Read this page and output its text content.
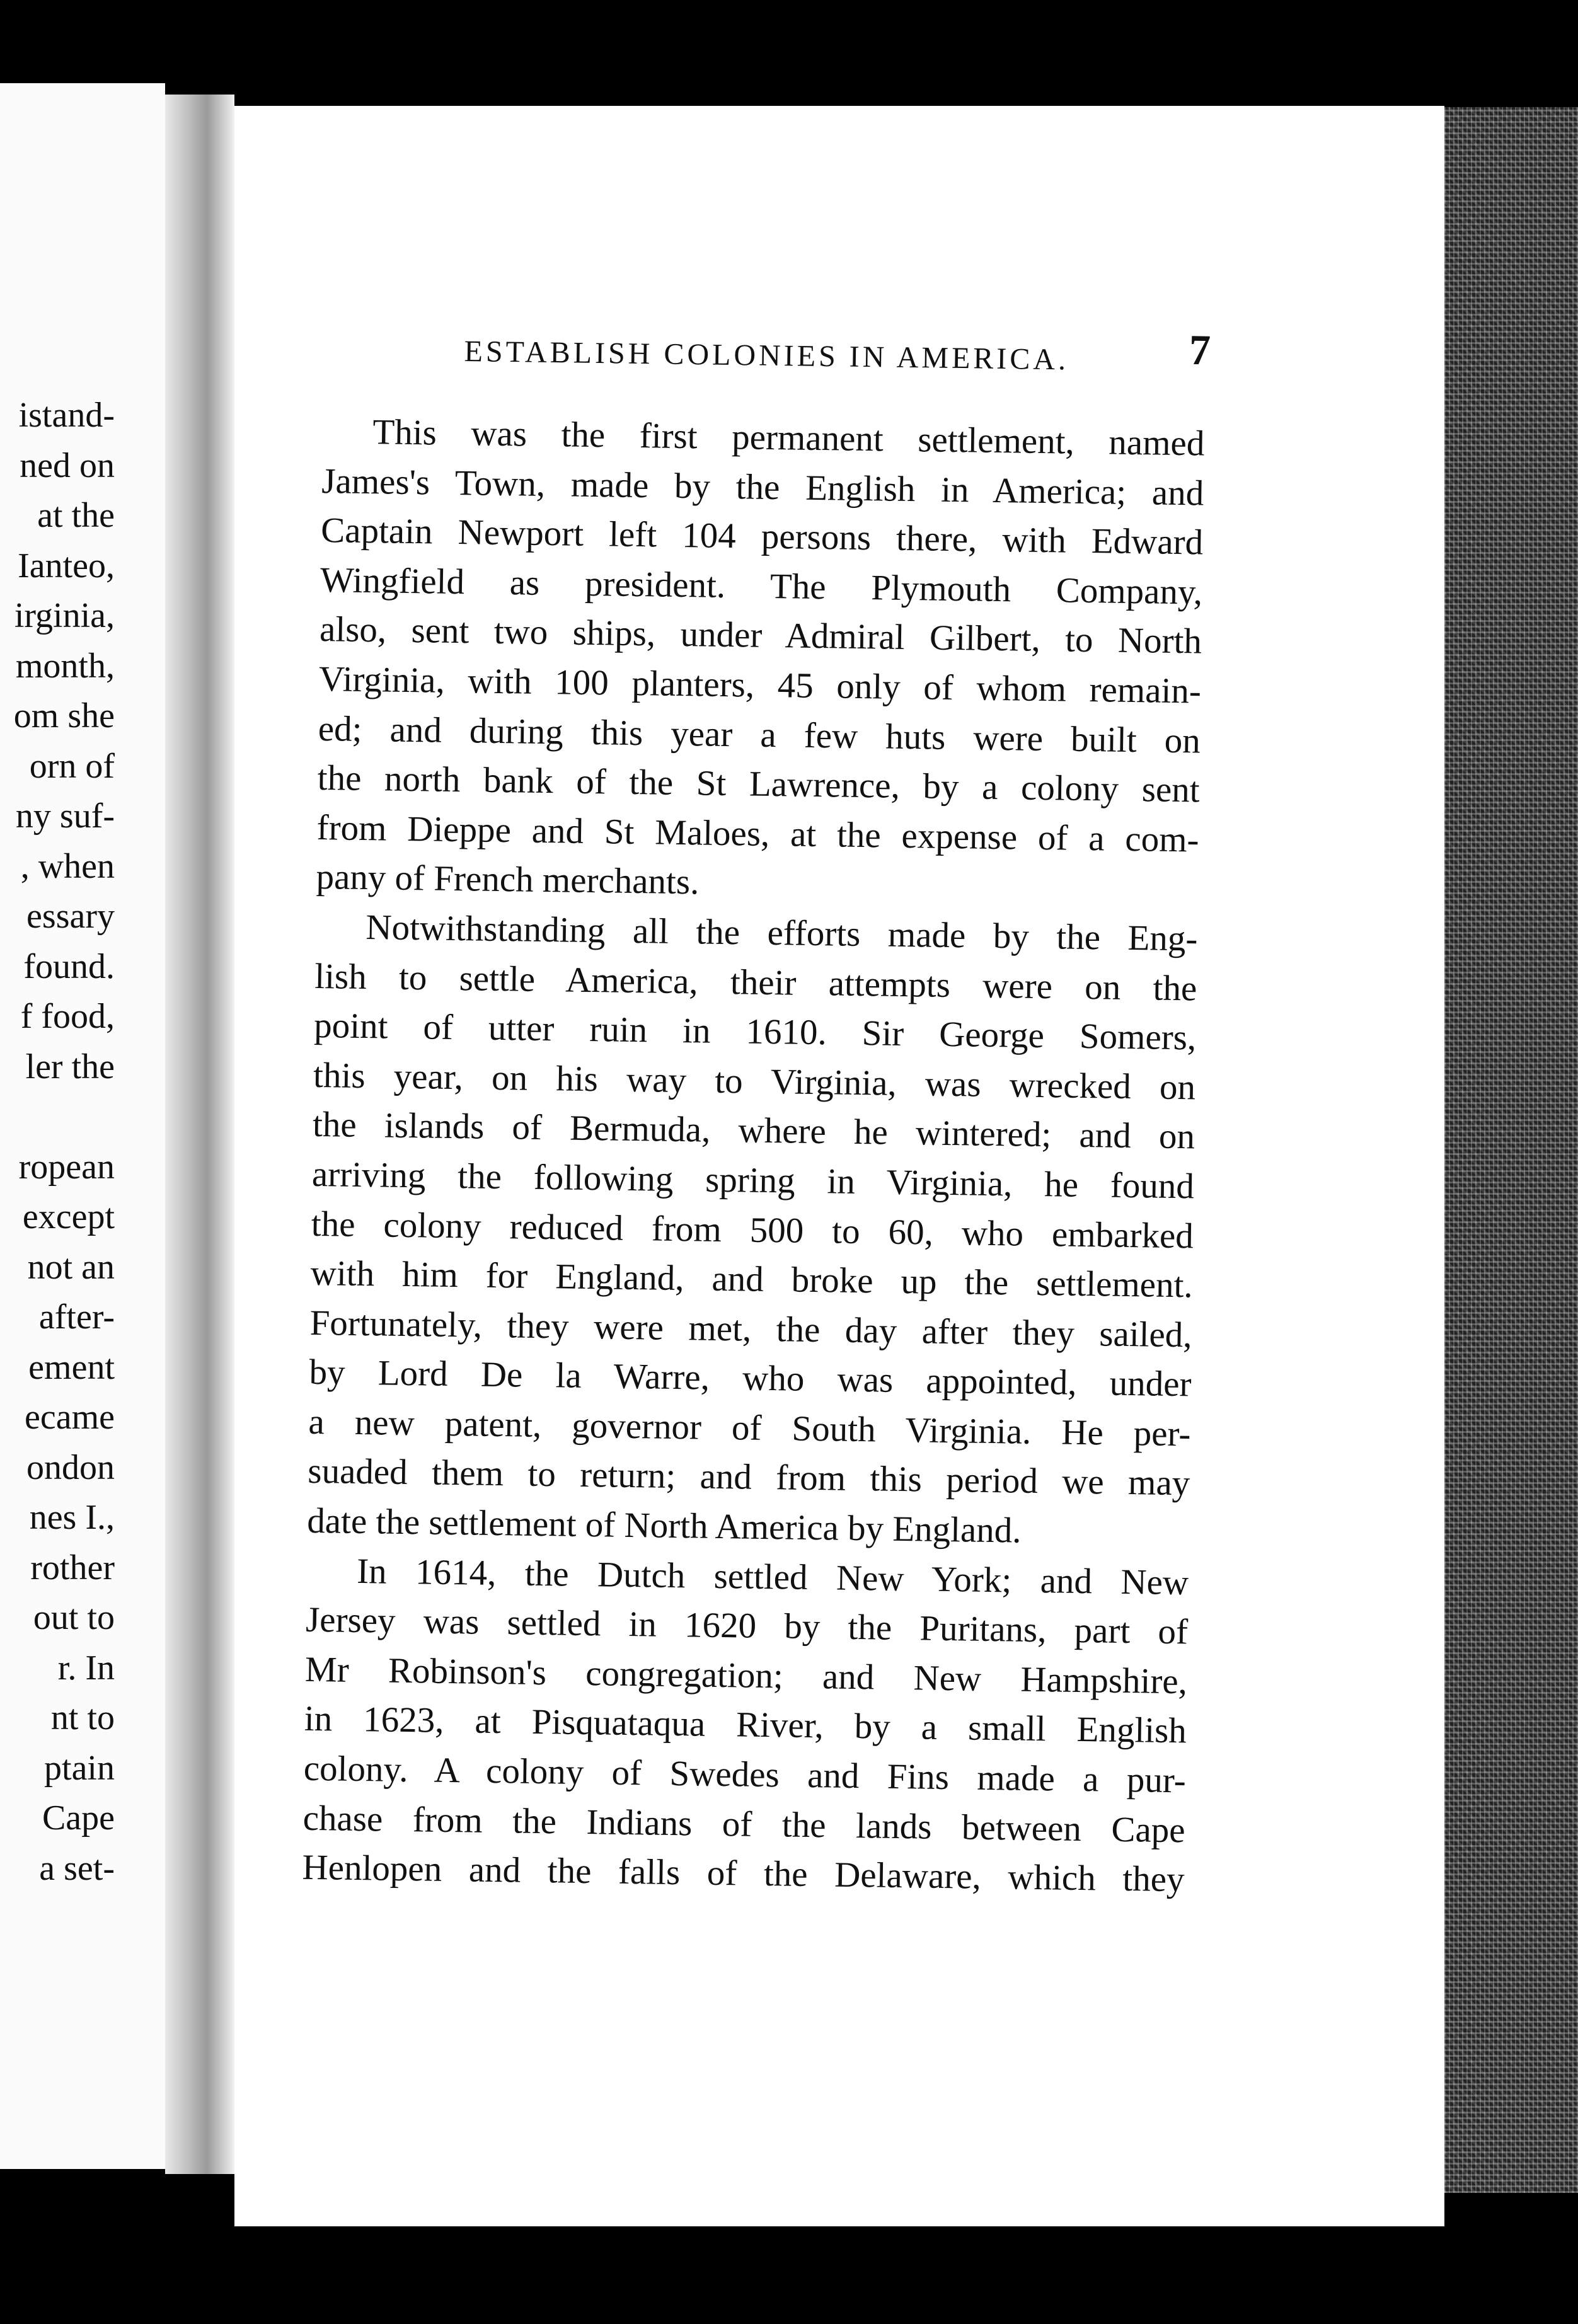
istand-
ned on
at the
Ianteo,
irginia,
month,
om she
orn of
ny suf-
, when
essary
found.
f food,
ler the
ropean
except
not an
after-
ement
ecame
ondon
nes I.,
rother
out to
r. In
nt to
ptain
Cape
a set-
ESTABLISH COLONIES IN AMERICA.	7
This was the first permanent settlement, named
James's Town, made by the English in America; and
Captain Newport left 104 persons there, with Edward
Wingfield as president. The Plymouth Company,
also, sent two ships, under Admiral Gilbert, to North
Virginia, with 100 planters, 45 only of whom remain-
ed; and during this year a few huts were built on
the north bank of the St Lawrence, by a colony sent
from Dieppe and St Maloes, at the expense of a com-
pany of French merchants.
Notwithstanding all the efforts made by the Eng-
lish to settle America, their attempts were on the
point of utter ruin in 1610. Sir George Somers,
this year, on his way to Virginia, was wrecked on
the islands of Bermuda, where he wintered; and on
arriving the following spring in Virginia, he found
the colony reduced from 500 to 60, who embarked
with him for England, and broke up the settlement.
Fortunately, they were met, the day after they sailed,
by Lord De la Warre, who was appointed, under
a new patent, governor of South Virginia. He per-
suaded them to return; and from this period we may
date the settlement of North America by England.
In 1614, the Dutch settled New York; and New
Jersey was settled in 1620 by the Puritans, part of
Mr Robinson's congregation; and New Hampshire,
in 1623, at Pisquataqua River, by a small English
colony. A colony of Swedes and Fins made a pur-
chase from the Indians of the lands between Cape
Henlopen and the falls of the Delaware, which they
